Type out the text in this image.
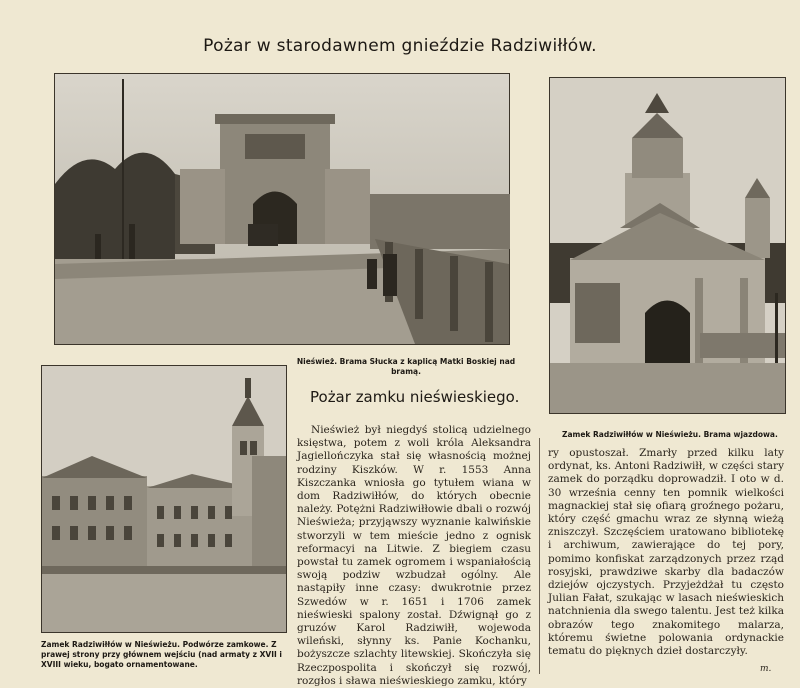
Pożar w starodawnem gnieździe Radziwiłłów.
Nieśwież. Brama Słucka z kaplicą Matki Boskiej nad bramą.
Zamek Radziwiłłów w Nieświeżu. Brama wjazdowa.
Zamek Radziwiłłów w Nieświeżu. Podwórze zamkowe. Z prawej strony przy głównem wejściu (nad armaty z XVII i XVIII wieku, bogato ornamentowane.
Pożar zamku nieświeskiego.

Nieśwież był niegdyś stolicą udzielnego księstwa, potem z woli króla Aleksandra Jagiellończyka stał się własnością możnej rodziny Kiszków. W r. 1553 Anna Kiszczanka wniosła go tytułem wiana w dom Radziwiłłów, do których obecnie należy. Potężni Radziwiłłowie dbali o rozwój Nieświeża; przyjąwszy wyznanie kalwińskie stworzyli w tem mieście jedno z ognisk reformacyi na Litwie. Z biegiem czasu powstał tu zamek ogromem i wspaniałością swoją podziw wzbudzał ogólny. Ale nastąpiły inne czasy: dwukrotnie przez Szwedów w r. 1651 i 1706 zamek nieświeski spalony został. Dźwignął go z gruzów Karol Radziwiłł, wojewoda wileński, słynny ks. Panie Kochanku, bożyszcze szlachty litewskiej. Skończyła się Rzeczpospolita i skończył się rozwój, rozgłos i sława nieświeskiego zamku, który

ry opustoszał. Zmarły przed kilku laty ordynat, ks. Antoni Radziwiłł, w części stary zamek do porządku doprowadził. I oto w d. 30 września cenny ten pomnik wielkości magnackiej stał się ofiarą groźnego pożaru, który część gmachu wraz ze słynną wieżą zniszczył. Szczęściem uratowano bibliotekę i archiwum, zawierające do tej pory, pomimo konfiskat zarządzonych przez rząd rosyjski, prawdziwe skarby dla badaczów dziejów ojczystych. Przyjeżdżał tu często Julian Fałat, szukając w lasach nieświeskich natchnienia dla swego talentu. Jest też kilka obrazów tego znakomitego malarza, któremu świetne polowania ordynackie tematu do pięknych dzieł dostarczyły.

m.
